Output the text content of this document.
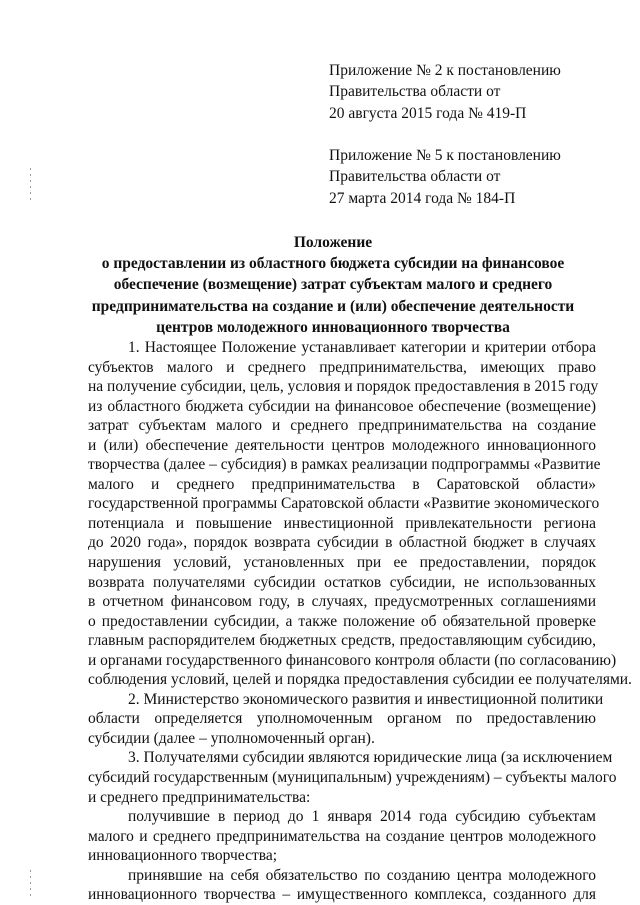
Приложение № 2 к постановлению
Правительства области от
20 августа 2015 года № 419-П
Приложение № 5 к постановлению
Правительства области от
27 марта 2014 года № 184-П
Положение
о предоставлении из областного бюджета субсидии на финансовое
обеспечение (возмещение) затрат субъектам малого и среднего
предпринимательства на создание и (или) обеспечение деятельности
центров молодежного инновационного творчества

1. Настоящее Положение устанавливает категории и критерии отбора
субъектов малого и среднего предпринимательства, имеющих право
на получение субсидии, цель, условия и порядок предоставления в 2015 году
из областного бюджета субсидии на финансовое обеспечение (возмещение)
затрат субъектам малого и среднего предпринимательства на создание
и (или) обеспечение деятельности центров молодежного инновационного
творчества (далее – субсидия) в рамках реализации подпрограммы «Развитие
малого и среднего предпринимательства в Саратовской области»
государственной программы Саратовской области «Развитие экономического
потенциала и повышение инвестиционной привлекательности региона
до 2020 года», порядок возврата субсидии в областной бюджет в случаях
нарушения условий, установленных при ее предоставлении, порядок
возврата получателями субсидии остатков субсидии, не использованных
в отчетном финансовом году, в случаях, предусмотренных соглашениями
о предоставлении субсидии, а также положение об обязательной проверке
главным распорядителем бюджетных средств, предоставляющим субсидию,
и органами государственного финансового контроля области (по согласованию)
соблюдения условий, целей и порядка предоставления субсидии ее получателями.

2. Министерство экономического развития и инвестиционной политики
области определяется уполномоченным органом по предоставлению
субсидии (далее – уполномоченный орган).

3. Получателями субсидии являются юридические лица (за исключением
субсидий государственным (муниципальным) учреждениям) – субъекты малого
и среднего предпринимательства:

получившие в период до 1 января 2014 года субсидию субъектам
малого и среднего предпринимательства на создание центров молодежного
инновационного творчества;

принявшие на себя обязательство по созданию центра молодежного
инновационного творчества – имущественного комплекса, созданного для
